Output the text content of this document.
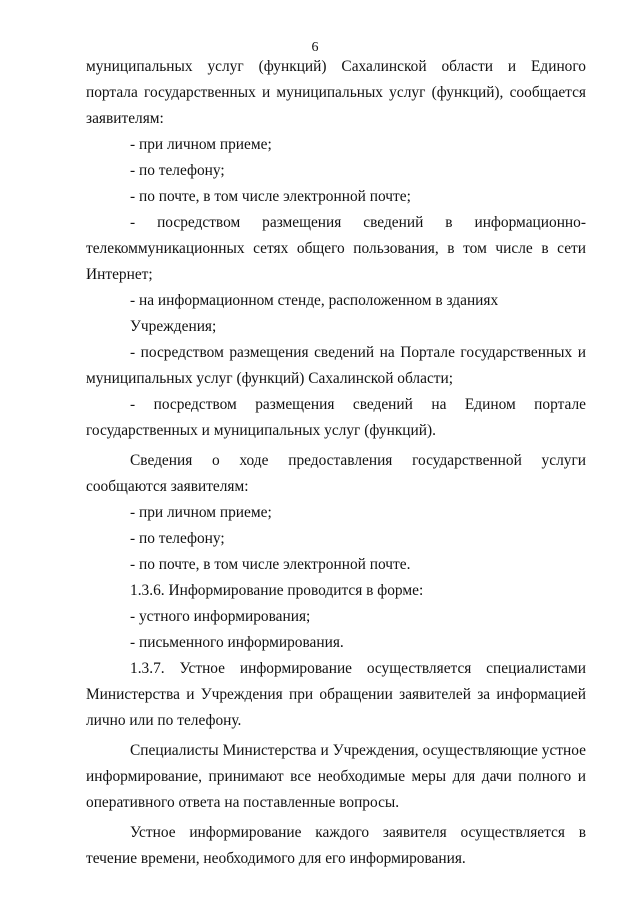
6

муниципальных услуг (функций) Сахалинской области и Единого

портала государственных и муниципальных услуг (функций), сообщается заявителям:

- при личном приеме;

- по телефону;

- по почте, в том числе электронной почте;

- посредством размещения сведений в информационно-телекоммуникационных сетях общего пользования, в том числе в сети Интернет;

- на информационном стенде, расположенном в зданиях Учреждения;

- посредством размещения сведений на Портале государственных и муниципальных услуг (функций) Сахалинской области;

- посредством размещения сведений на Едином портале государственных и муниципальных услуг (функций).

Сведения о ходе предоставления государственной услуги сообщаются заявителям:

- при личном приеме;

- по телефону;

- по почте, в том числе электронной почте.

1.3.6. Информирование проводится в форме:

- устного информирования;

- письменного информирования.

1.3.7. Устное информирование осуществляется специалистами Министерства и Учреждения при обращении заявителей за информацией лично или по телефону.

Специалисты Министерства и Учреждения, осуществляющие устное информирование, принимают все необходимые меры для дачи полного и оперативного ответа на поставленные вопросы.

Устное информирование каждого заявителя осуществляется в течение времени, необходимого для его информирования.
